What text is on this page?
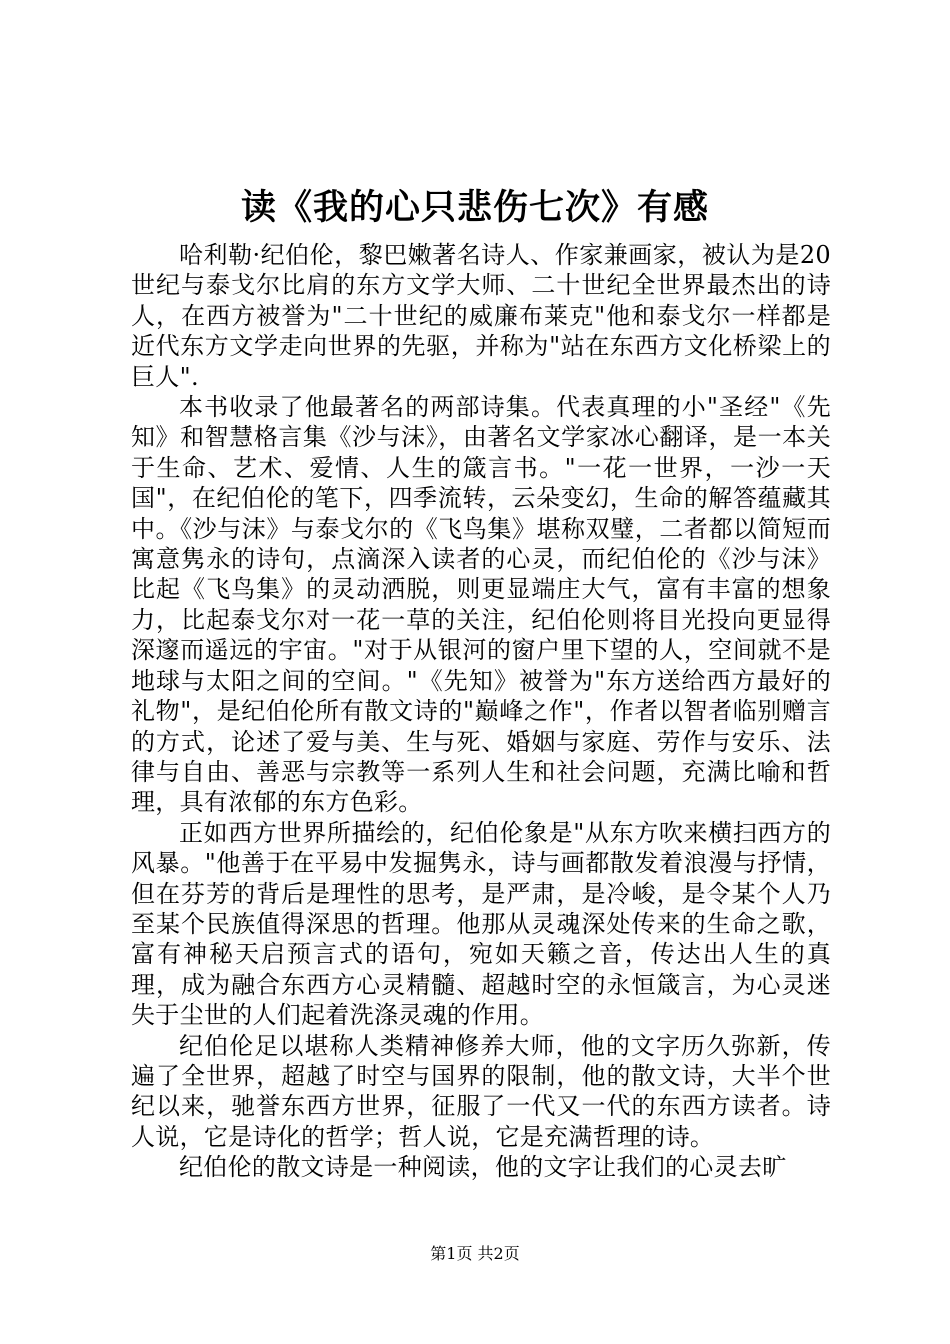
读《我的心只悲伤七次》有感

哈利勒·纪伯伦，黎巴嫩著名诗人、作家兼画家，被认为是20世纪与泰戈尔比肩的东方文学大师、二十世纪全世界最杰出的诗人，在西方被誉为"二十世纪的威廉布莱克"他和泰戈尔一样都是近代东方文学走向世界的先驱，并称为"站在东西方文化桥梁上的巨人".

本书收录了他最著名的两部诗集。代表真理的小"圣经"《先知》和智慧格言集《沙与沫》，由著名文学家冰心翻译，是一本关于生命、艺术、爱情、人生的箴言书。"一花一世界，一沙一天国"，在纪伯伦的笔下，四季流转，云朵变幻，生命的解答蕴藏其中。《沙与沫》与泰戈尔的《飞鸟集》堪称双璧，二者都以简短而寓意隽永的诗句，点滴深入读者的心灵，而纪伯伦的《沙与沫》比起《飞鸟集》的灵动洒脱，则更显端庄大气，富有丰富的想象力，比起泰戈尔对一花一草的关注，纪伯伦则将目光投向更显得深邃而遥远的宇宙。"对于从银河的窗户里下望的人，空间就不是地球与太阳之间的空间。"《先知》被誉为"东方送给西方最好的礼物"，是纪伯伦所有散文诗的"巅峰之作"，作者以智者临别赠言的方式，论述了爱与美、生与死、婚姻与家庭、劳作与安乐、法律与自由、善恶与宗教等一系列人生和社会问题，充满比喻和哲理，具有浓郁的东方色彩。

正如西方世界所描绘的，纪伯伦象是"从东方吹来横扫西方的风暴。"他善于在平易中发掘隽永，诗与画都散发着浪漫与抒情，但在芬芳的背后是理性的思考，是严肃，是冷峻，是令某个人乃至某个民族值得深思的哲理。他那从灵魂深处传来的生命之歌，富有神秘天启预言式的语句，宛如天籁之音，传达出人生的真理，成为融合东西方心灵精髓、超越时空的永恒箴言，为心灵迷失于尘世的人们起着洗涤灵魂的作用。

纪伯伦足以堪称人类精神修养大师，他的文字历久弥新，传遍了全世界，超越了时空与国界的限制，他的散文诗，大半个世纪以来，驰誉东西方世界，征服了一代又一代的东西方读者。诗人说，它是诗化的哲学；哲人说，它是充满哲理的诗。

纪伯伦的散文诗是一种阅读，他的文字让我们的心灵去旷

第1页 共2页
